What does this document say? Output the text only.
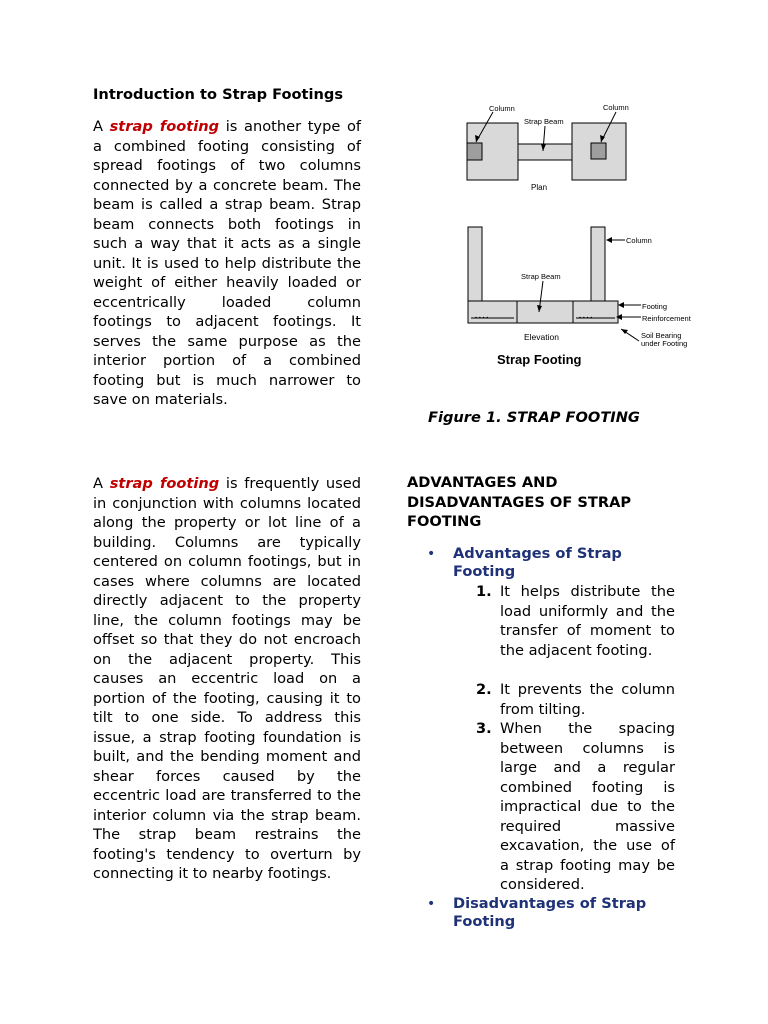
Introduction to Strap Footings

A strap footing is another type of a combined footing consisting of spread footings of two columns connected by a concrete beam. The beam is called a strap beam. Strap beam connects both footings in such a way that it acts as a single unit. It is used to help distribute the weight of either heavily loaded or eccentrically loaded column footings to adjacent footings. It serves the same purpose as the interior portion of a combined footing but is much narrower to save on materials.

Column	Column
Strap Beam
Plan
• • • •	• • • •
Column
Strap Beam
Footing
Reinforcement
Soil Bearing
under Footing
Elevation
Strap Footing

Figure 1. STRAP FOOTING

A strap footing is frequently used in conjunction with columns located along the property or lot line of a building. Columns are typically centered on column footings, but in cases where columns are located directly adjacent to the property line, the column footings may be offset so that they do not encroach on the adjacent property. This causes an eccentric load on a portion of the footing, causing it to tilt to one side. To address this issue, a strap footing foundation is built, and the bending moment and shear forces caused by the eccentric load are transferred to the interior column via the strap beam. The strap beam restrains the footing's tendency to overturn by connecting it to nearby footings.

ADVANTAGES AND DISADVANTAGES OF STRAP FOOTING
• Advantages of Strap Footing
1. It helps distribute the load uniformly and the transfer of moment to the adjacent footing.
2. It prevents the column from tilting.
3. When the spacing between columns is large and a regular combined footing is impractical due to the required massive excavation, the use of a strap footing may be considered.
• Disadvantages of Strap Footing
